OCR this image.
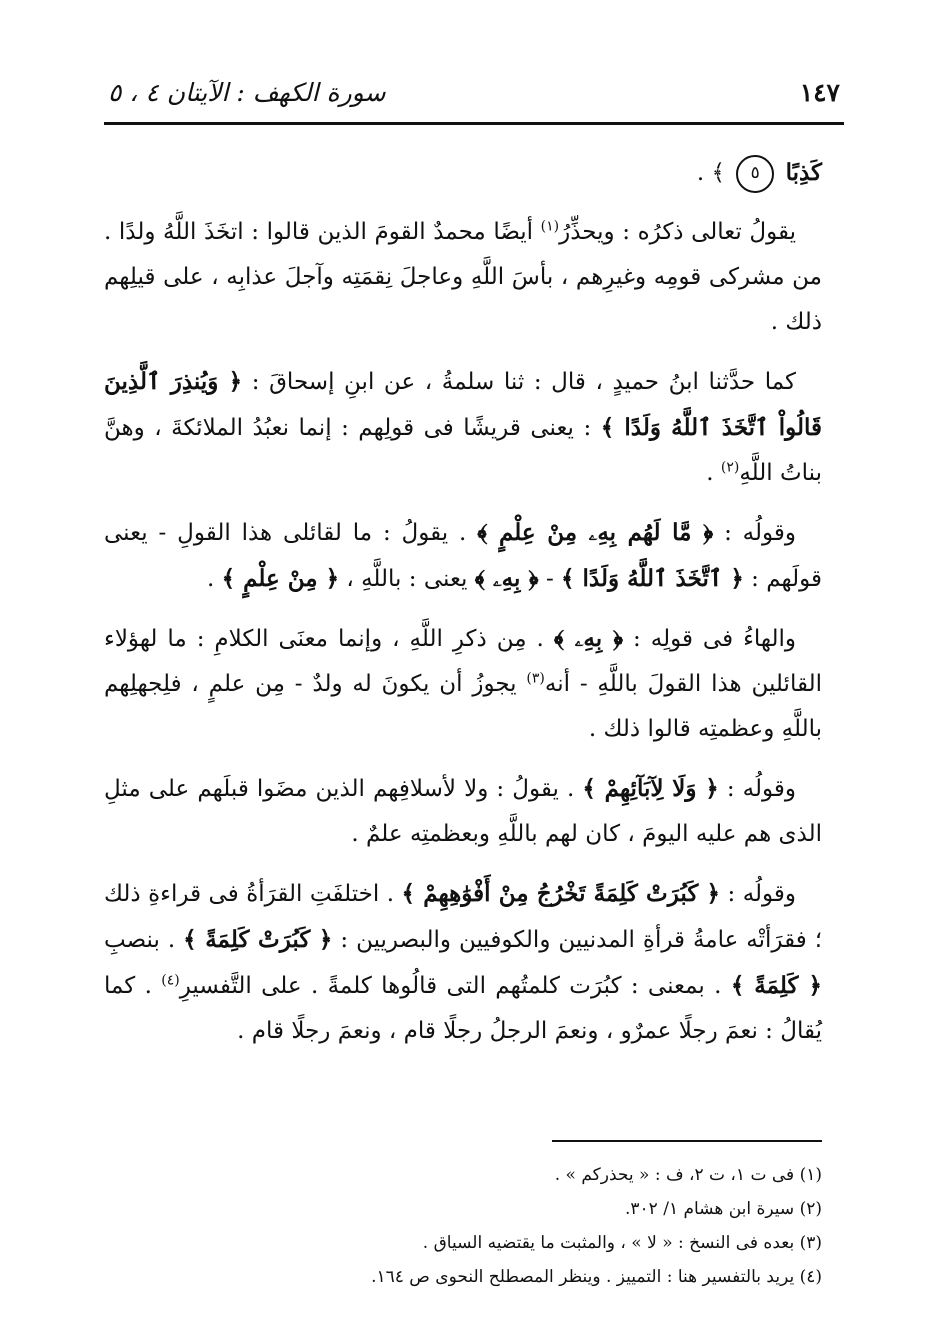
١٤٧
سورة الكهف : الآيتان ٤ ، ٥

كَذِبًا ٥ ﴾ .

يقولُ تعالى ذكرُه : ويحذِّرُ$^{(١)}$ أيضًا محمدٌ القومَ الذين قالوا : اتخَذَ اللَّهُ ولدًا . من مشركى قومِه وغيرِهم ، بأسَ اللَّهِ وعاجلَ نِقمَتِه وآجلَ عذابِه ، على قيلِهم ذلك .

كما حدَّثنا ابنُ حميدٍ ، قال : ثنا سلمةُ ، عن ابنِ إسحاقَ : ﴿ وَيُنذِرَ ٱلَّذِينَ قَالُواْ ٱتَّخَذَ ٱللَّهُ وَلَدًا ﴾ : يعنى قريشًا فى قولِهم : إنما نعبُدُ الملائكةَ ، وهنَّ بناتُ اللَّهِ$^{(٢)}$ .

وقولُه : ﴿ مَّا لَهُم بِهِۦ مِنْ عِلْمٍ ﴾ . يقولُ : ما لقائلى هذا القولِ - يعنى قولَهم : ﴿ ٱتَّخَذَ ٱللَّهُ وَلَدًا ﴾ - ﴿ بِهِۦ ﴾ يعنى : باللَّهِ ، ﴿ مِنْ عِلْمٍ ﴾ .

والهاءُ فى قولِه : ﴿ بِهِۦ ﴾ . مِن ذكرِ اللَّهِ ، وإنما معنَى الكلامِ : ما لهؤلاء القائلين هذا القولَ باللَّهِ - أنه$^{(٣)}$ يجوزُ أن يكونَ له ولدٌ - مِن علمٍ ، فلِجهلِهم باللَّهِ وعظمتِه قالوا ذلك .

وقولُه : ﴿ وَلَا لِآبَآئِهِمْ ﴾ . يقولُ : ولا لأسلافِهم الذين مضَوا قبلَهم على مثلِ الذى هم عليه اليومَ ، كان لهم باللَّهِ وبعظمتِه علمٌ .

وقولُه : ﴿ كَبُرَتْ كَلِمَةً تَخْرُجُ مِنْ أَفْوَٰهِهِمْ ﴾ . اختلفَتِ القرَأةُ فى قراءةِ ذلك ؛ فقرَأتْه عامةُ قرأةِ المدنيين والكوفيين والبصريين : ﴿ كَبُرَتْ كَلِمَةً ﴾ . بنصبِ ﴿ كَلِمَةً ﴾ . بمعنى : كبُرَت كلمتُهم التى قالُوها كلمةً . على التَّفسيرِ$^{(٤)}$ . كما يُقالُ : نعمَ رجلًا عمرٌو ، ونعمَ الرجلُ رجلًا قام ، ونعمَ رجلًا قام .

(١) فى ت ١، ت ٢، ف : « يحذركم » .
(٢) سيرة ابن هشام ١/ ٣٠٢.
(٣) بعده فى النسخ : « لا » ، والمثبت ما يقتضيه السياق .
(٤) يريد بالتفسير هنا : التمييز . وينظر المصطلح النحوى ص ١٦٤.
